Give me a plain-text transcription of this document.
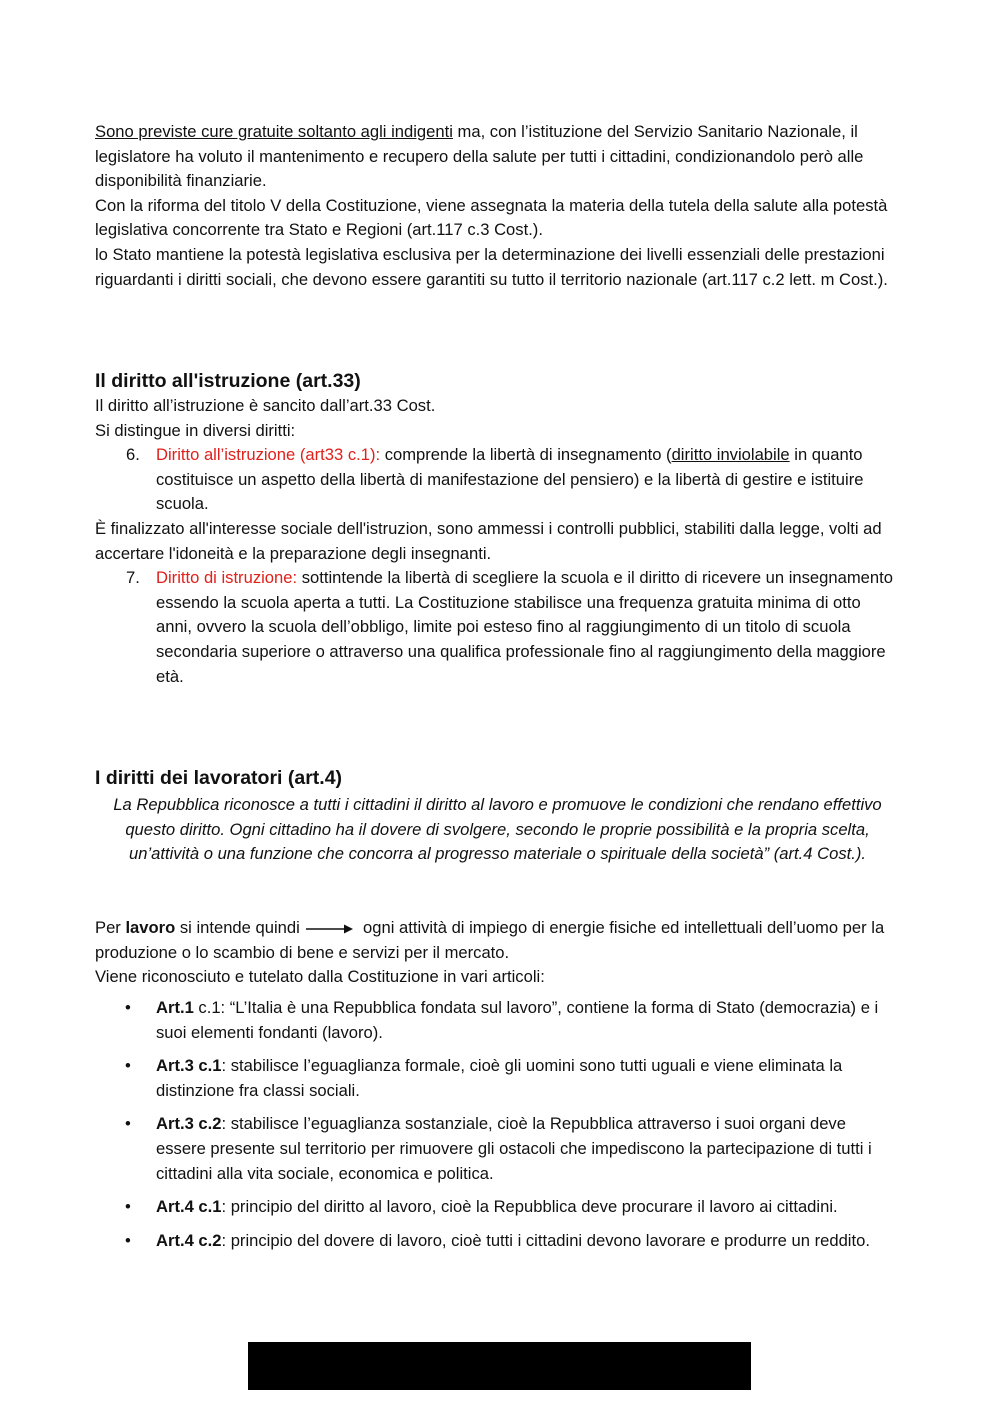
Sono previste cure gratuite soltanto agli indigenti ma, con l’istituzione del Servizio Sanitario Nazionale, il legislatore ha voluto il mantenimento e recupero della salute per tutti i cittadini, condizionandolo però alle disponibilità finanziarie.

Con la riforma del titolo V della Costituzione, viene assegnata la materia della tutela della salute alla potestà legislativa concorrente tra Stato e Regioni (art.117 c.3 Cost.).

lo Stato mantiene la potestà legislativa esclusiva per la determinazione dei livelli essenziali delle prestazioni riguardanti i diritti sociali, che devono essere garantiti su tutto il territorio nazionale (art.117 c.2 lett. m Cost.).

Il diritto all'istruzione (art.33)

Il diritto all’istruzione è sancito dall’art.33 Cost.

Si distingue in diversi diritti:

6. Diritto all’istruzione (art33 c.1): comprende la libertà di insegnamento (diritto inviolabile in quanto costituisce un aspetto della libertà di manifestazione del pensiero) e la libertà di gestire e istituire scuola.

È finalizzato all'interesse sociale dell'istruzion, sono ammessi i controlli pubblici, stabiliti dalla legge, volti ad accertare l'idoneità e la preparazione degli insegnanti.

7. Diritto di istruzione: sottintende la libertà di scegliere la scuola e il diritto di ricevere un insegnamento essendo la scuola aperta a tutti. La Costituzione stabilisce una frequenza gratuita minima di otto anni, ovvero la scuola dell’obbligo, limite poi esteso fino al raggiungimento di un titolo di scuola secondaria superiore o attraverso una qualifica professionale fino al raggiungimento della maggiore età.

I diritti dei lavoratori (art.4)

La Repubblica riconosce a tutti i cittadini il diritto al lavoro e promuove le condizioni che rendano effettivo questo diritto. Ogni cittadino ha il dovere di svolgere, secondo le proprie possibilità e la propria scelta, un’attività o una funzione che concorra al progresso materiale o spirituale della società” (art.4 Cost.).

Per lavoro si intende quindi	ogni attività di impiego di energie fisiche ed intellettuali dell’uomo per la produzione o lo scambio di bene e servizi per il mercato.

Viene riconosciuto e tutelato dalla Costituzione in vari articoli:

• Art.1 c.1: “L’Italia è una Repubblica fondata sul lavoro”, contiene la forma di Stato (democrazia) e i suoi elementi fondanti (lavoro).
• Art.3 c.1: stabilisce l’eguaglianza formale, cioè gli uomini sono tutti uguali e viene eliminata la distinzione fra classi sociali.
• Art.3 c.2: stabilisce l’eguaglianza sostanziale, cioè la Repubblica attraverso i suoi organi deve essere presente sul territorio per rimuovere gli ostacoli che impediscono la partecipazione di tutti i cittadini alla vita sociale, economica e politica.
• Art.4 c.1: principio del diritto al lavoro, cioè la Repubblica deve procurare il lavoro ai cittadini.
• Art.4 c.2: principio del dovere di lavoro, cioè tutti i cittadini devono lavorare e produrre un reddito.
